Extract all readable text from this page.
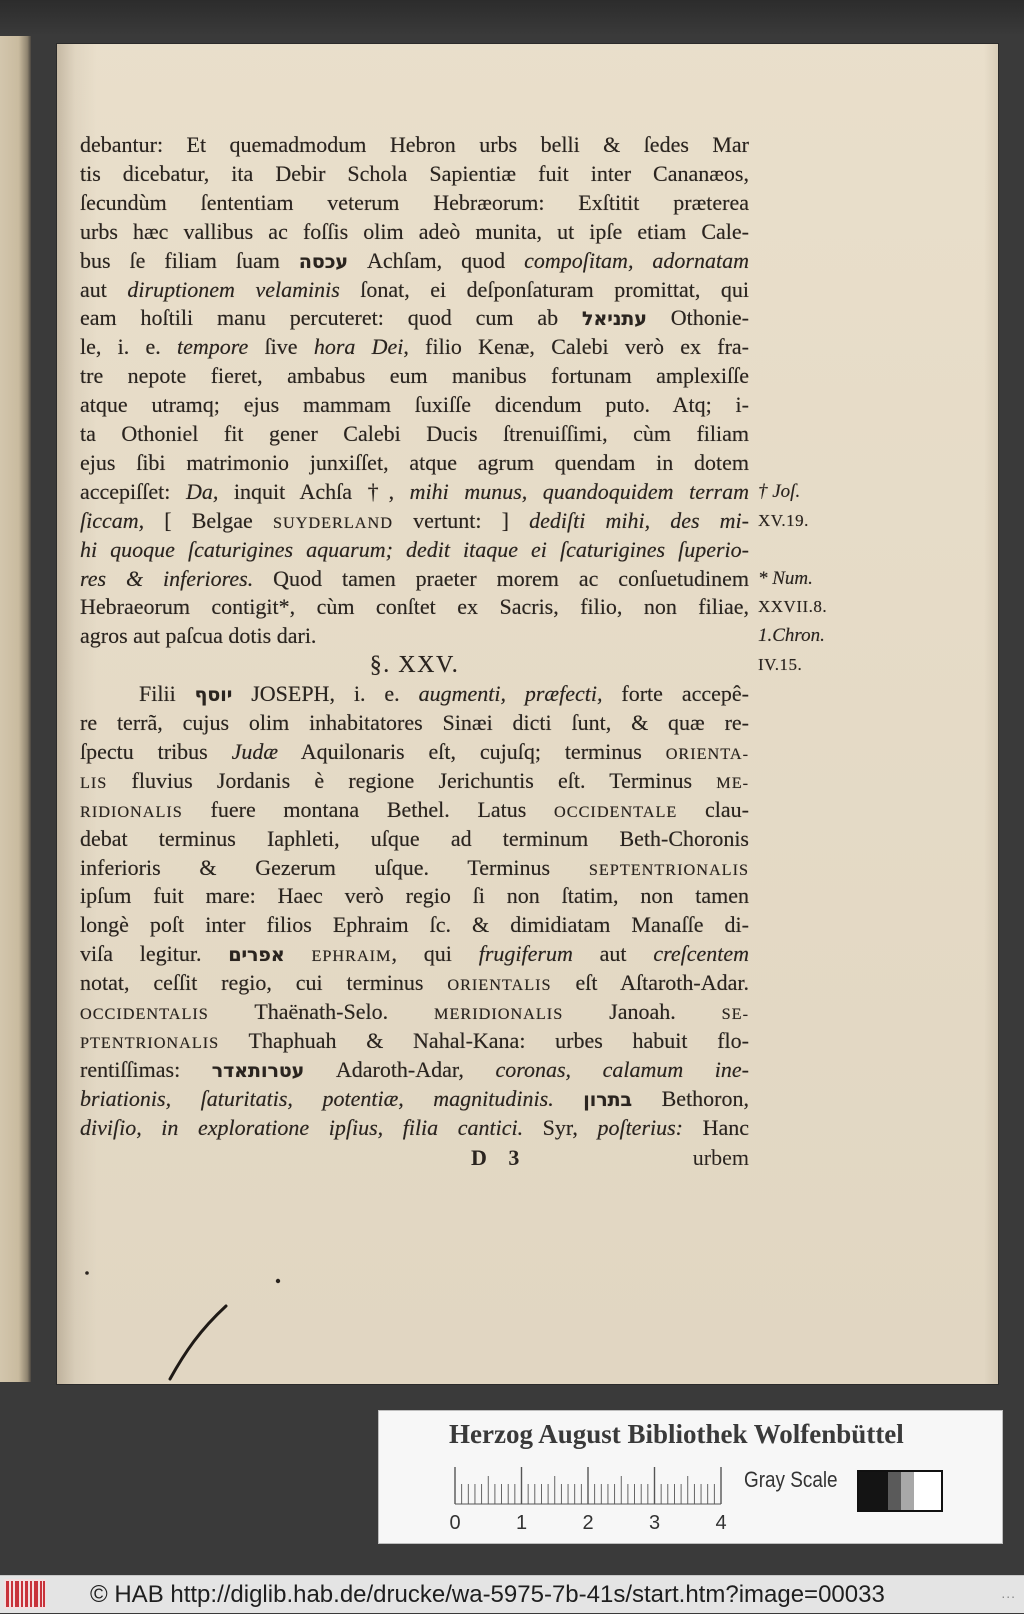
debantur: Et quemadmodum Hebron urbs belli & ſedes Mar
tis dicebatur, ita Debir Schola Sapientiæ fuit inter Cananæos,
ſecundùm ſententiam veterum Hebræorum: Exſtitit præterea
urbs hæc vallibus ac foſſis olim adeò munita, ut ipſe etiam Cale-
bus ſe filiam ſuam עכסה Achſam, quod compoſitam, adornatam
aut diruptionem velaminis ſonat, ei deſponſaturam promittat, qui
eam hoſtili manu percuteret: quod cum ab עתניאל Othonie-
le, i. e. tempore ſive hora Dei, filio Kenæ, Calebi verò ex fra-
tre nepote fieret, ambabus eum manibus fortunam amplexiſſe
atque utramq; ejus mammam ſuxiſſe dicendum puto. Atq; i-
ta Othoniel fit gener Calebi Ducis ſtrenuiſſimi, cùm filiam
ejus ſibi matrimonio junxiſſet, atque agrum quendam in dotem
accepiſſet: Da, inquit Achſa †, mihi munus, quandoquidem terram † Joſ.
ſiccam, [ Belgae SUYDERLAND vertunt: ] dediſti mihi, des mi- XV.19.
hi quoque ſcaturigines aquarum; dedit itaque ei ſcaturigines ſuperio-
res & inferiores. Quod tamen praeter morem ac conſuetudinem * Num.
Hebraeorum contigit*, cùm conſtet ex Sacris, filio, non filiae, XXVII.8.
agros aut paſcua dotis dari.	1.Chron.
§. XXV.	IV.15.
Filii יוסף JOSEPH, i. e. augmenti, præfecti, forte accepê-
re terrã, cujus olim inhabitatores Sinæi dicti ſunt, & quæ re-
ſpectu tribus Judæ Aquilonaris eſt, cujuſq; terminus ORIENTA-
LIS fluvius Jordanis è regione Jerichuntis eſt. Terminus ME-
RIDIONALIS fuere montana Bethel. Latus OCCIDENTALE clau-
debat terminus Iaphleti, uſque ad terminum Beth-Choronis
inferioris & Gezerum uſque. Terminus SEPTENTRIONALIS
ipſum fuit mare: Haec verò regio ſi non ſtatim, non tamen
longè poſt inter filios Ephraim ſc. & dimidiatam Manaſſe di-
viſa legitur. אפרים EPHRAIM, qui frugiferum aut creſcentem
notat, ceſſit regio, cui terminus ORIENTALIS eſt Aſtaroth-Adar.
OCCIDENTALIS Thaënath-Selo. MERIDIONALIS Janoah. SE-
PTENTRIONALIS Thaphuah & Nahal-Kana: urbes habuit flo-
rentiſſimas: עטרותאדר Adaroth-Adar, coronas, calamum ine-
briationis, ſaturitatis, potentiæ, magnitudinis. בתרון Bethoron,
diviſio, in exploratione ipſius, filia cantici. Syr, poſterius: Hanc
D 3	urbem
Herzog August Bibliothek Wolfenbüttel
0	1	2	3	4
Gray Scale
© HAB http://diglib.hab.de/drucke/wa-5975-7b-41s/start.htm?image=00033	...
